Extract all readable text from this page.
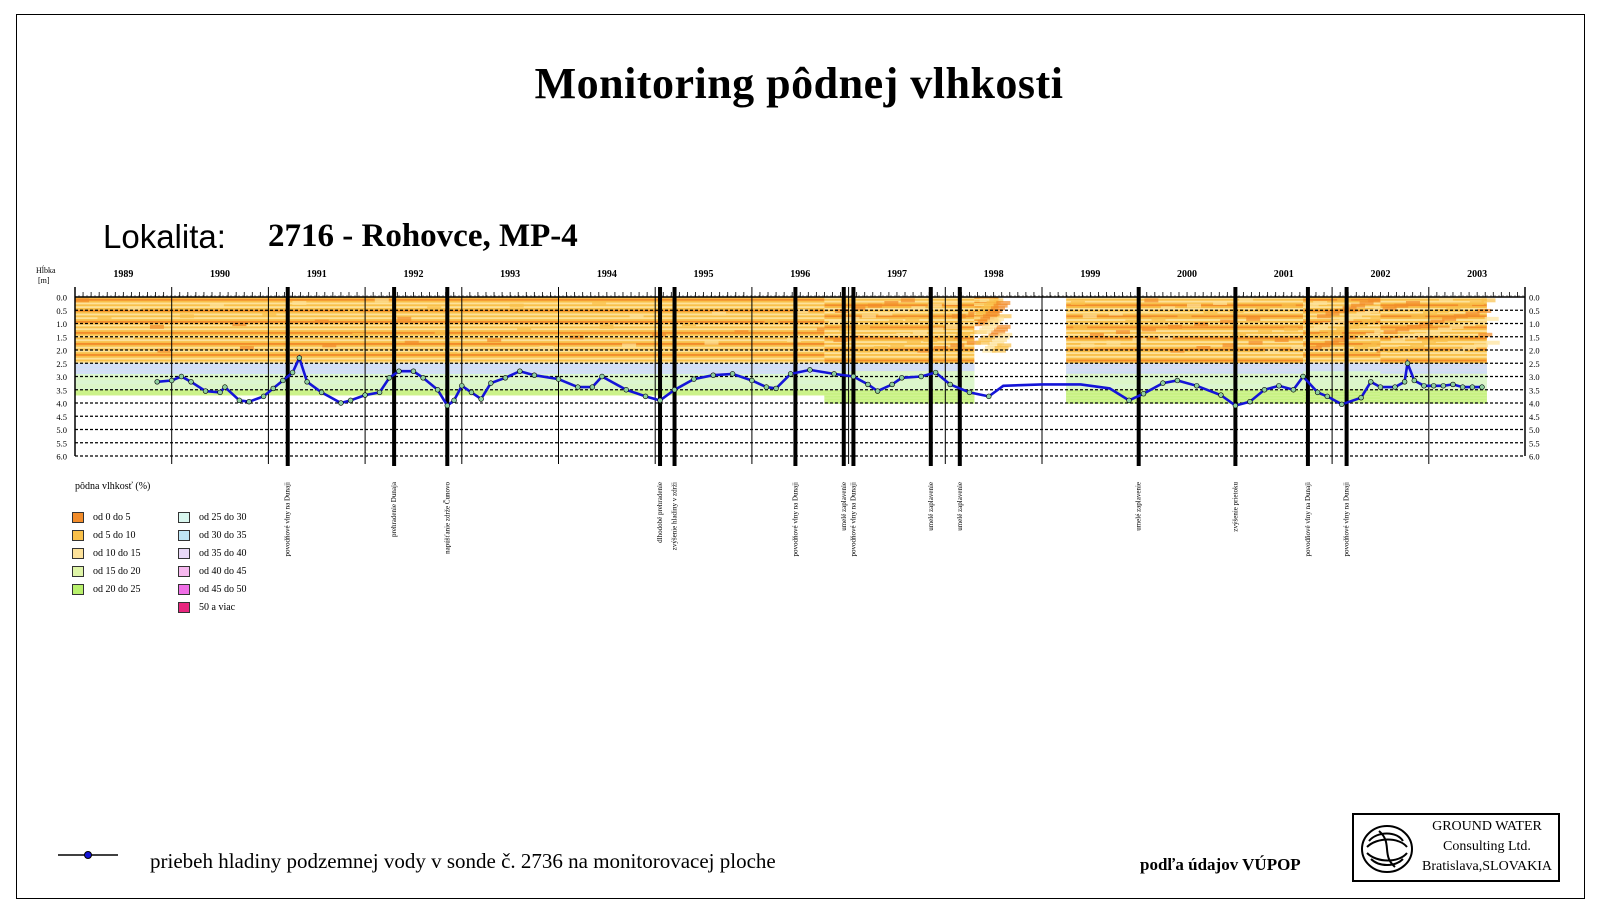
Monitoring pôdnej vlhkosti
Lokalita: 2716 - Rohovce, MP-4
0.0	0.0
0.5	0.5
1.0	1.0
1.5	1.5
2.0	2.0
2.5	2.5
3.0	3.0
3.5	3.5
4.0	4.0
4.5	4.5
5.0	5.0
5.5	5.5
6.0	6.0
Hĺbka
[m]
1989	1990	1991	1992	1993	1994	1995	1996	1997	1998	1999	2000	2001	2002	2003
povodňové vlny na Dunaji	prehradenie Dunaja	napúšťanie zdrže Čunovo	dlhodobé prehradenie zvýšenie hladiny v zdrži	povodňové vlny na Dunaji	umelé zaplavenie povodňové vlny na Dunaji	umelé zaplavenie	umelé zaplavenie	umelé zaplavenie	zvýšenie prietoku	povodňové vlny na Dunaji	povodňové vlny na Dunaji
pôdna vlhkosť (%)
od 0 do 5
od 5 do 10
od 10 do 15
od 15 do 20
od 20 do 25
od 25 do 30
od 30 do 35
od 35 do 40
od 40 do 45
od 45 do 50
50 a viac
priebeh hladiny podzemnej vody v sonde č. 2736 na monitorovacej ploche	podľa údajov VÚPOP
GROUND WATER
Consulting Ltd.
Bratislava,SLOVAKIA
